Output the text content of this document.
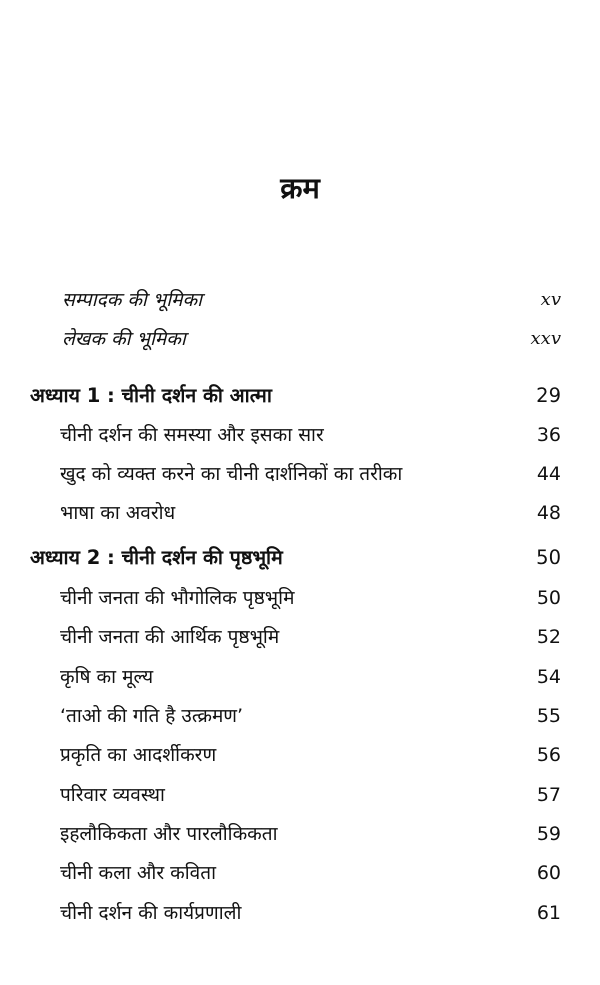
क्रम
सम्पादक की भूमिका	xv
लेखक की भूमिका	xxv
अध्याय 1 : चीनी दर्शन की आत्मा	29
चीनी दर्शन की समस्या और इसका सार	36
खुद को व्यक्त करने का चीनी दार्शनिकों का तरीका	44
भाषा का अवरोध	48
अध्याय 2 : चीनी दर्शन की पृष्ठभूमि	50
चीनी जनता की भौगोलिक पृष्ठभूमि	50
चीनी जनता की आर्थिक पृष्ठभूमि	52
कृषि का मूल्य	54
‘ताओ की गति है उत्क्रमण’	55
प्रकृति का आदर्शीकरण	56
परिवार व्यवस्था	57
इहलौकिकता और पारलौकिकता	59
चीनी कला और कविता	60
चीनी दर्शन की कार्यप्रणाली	61
